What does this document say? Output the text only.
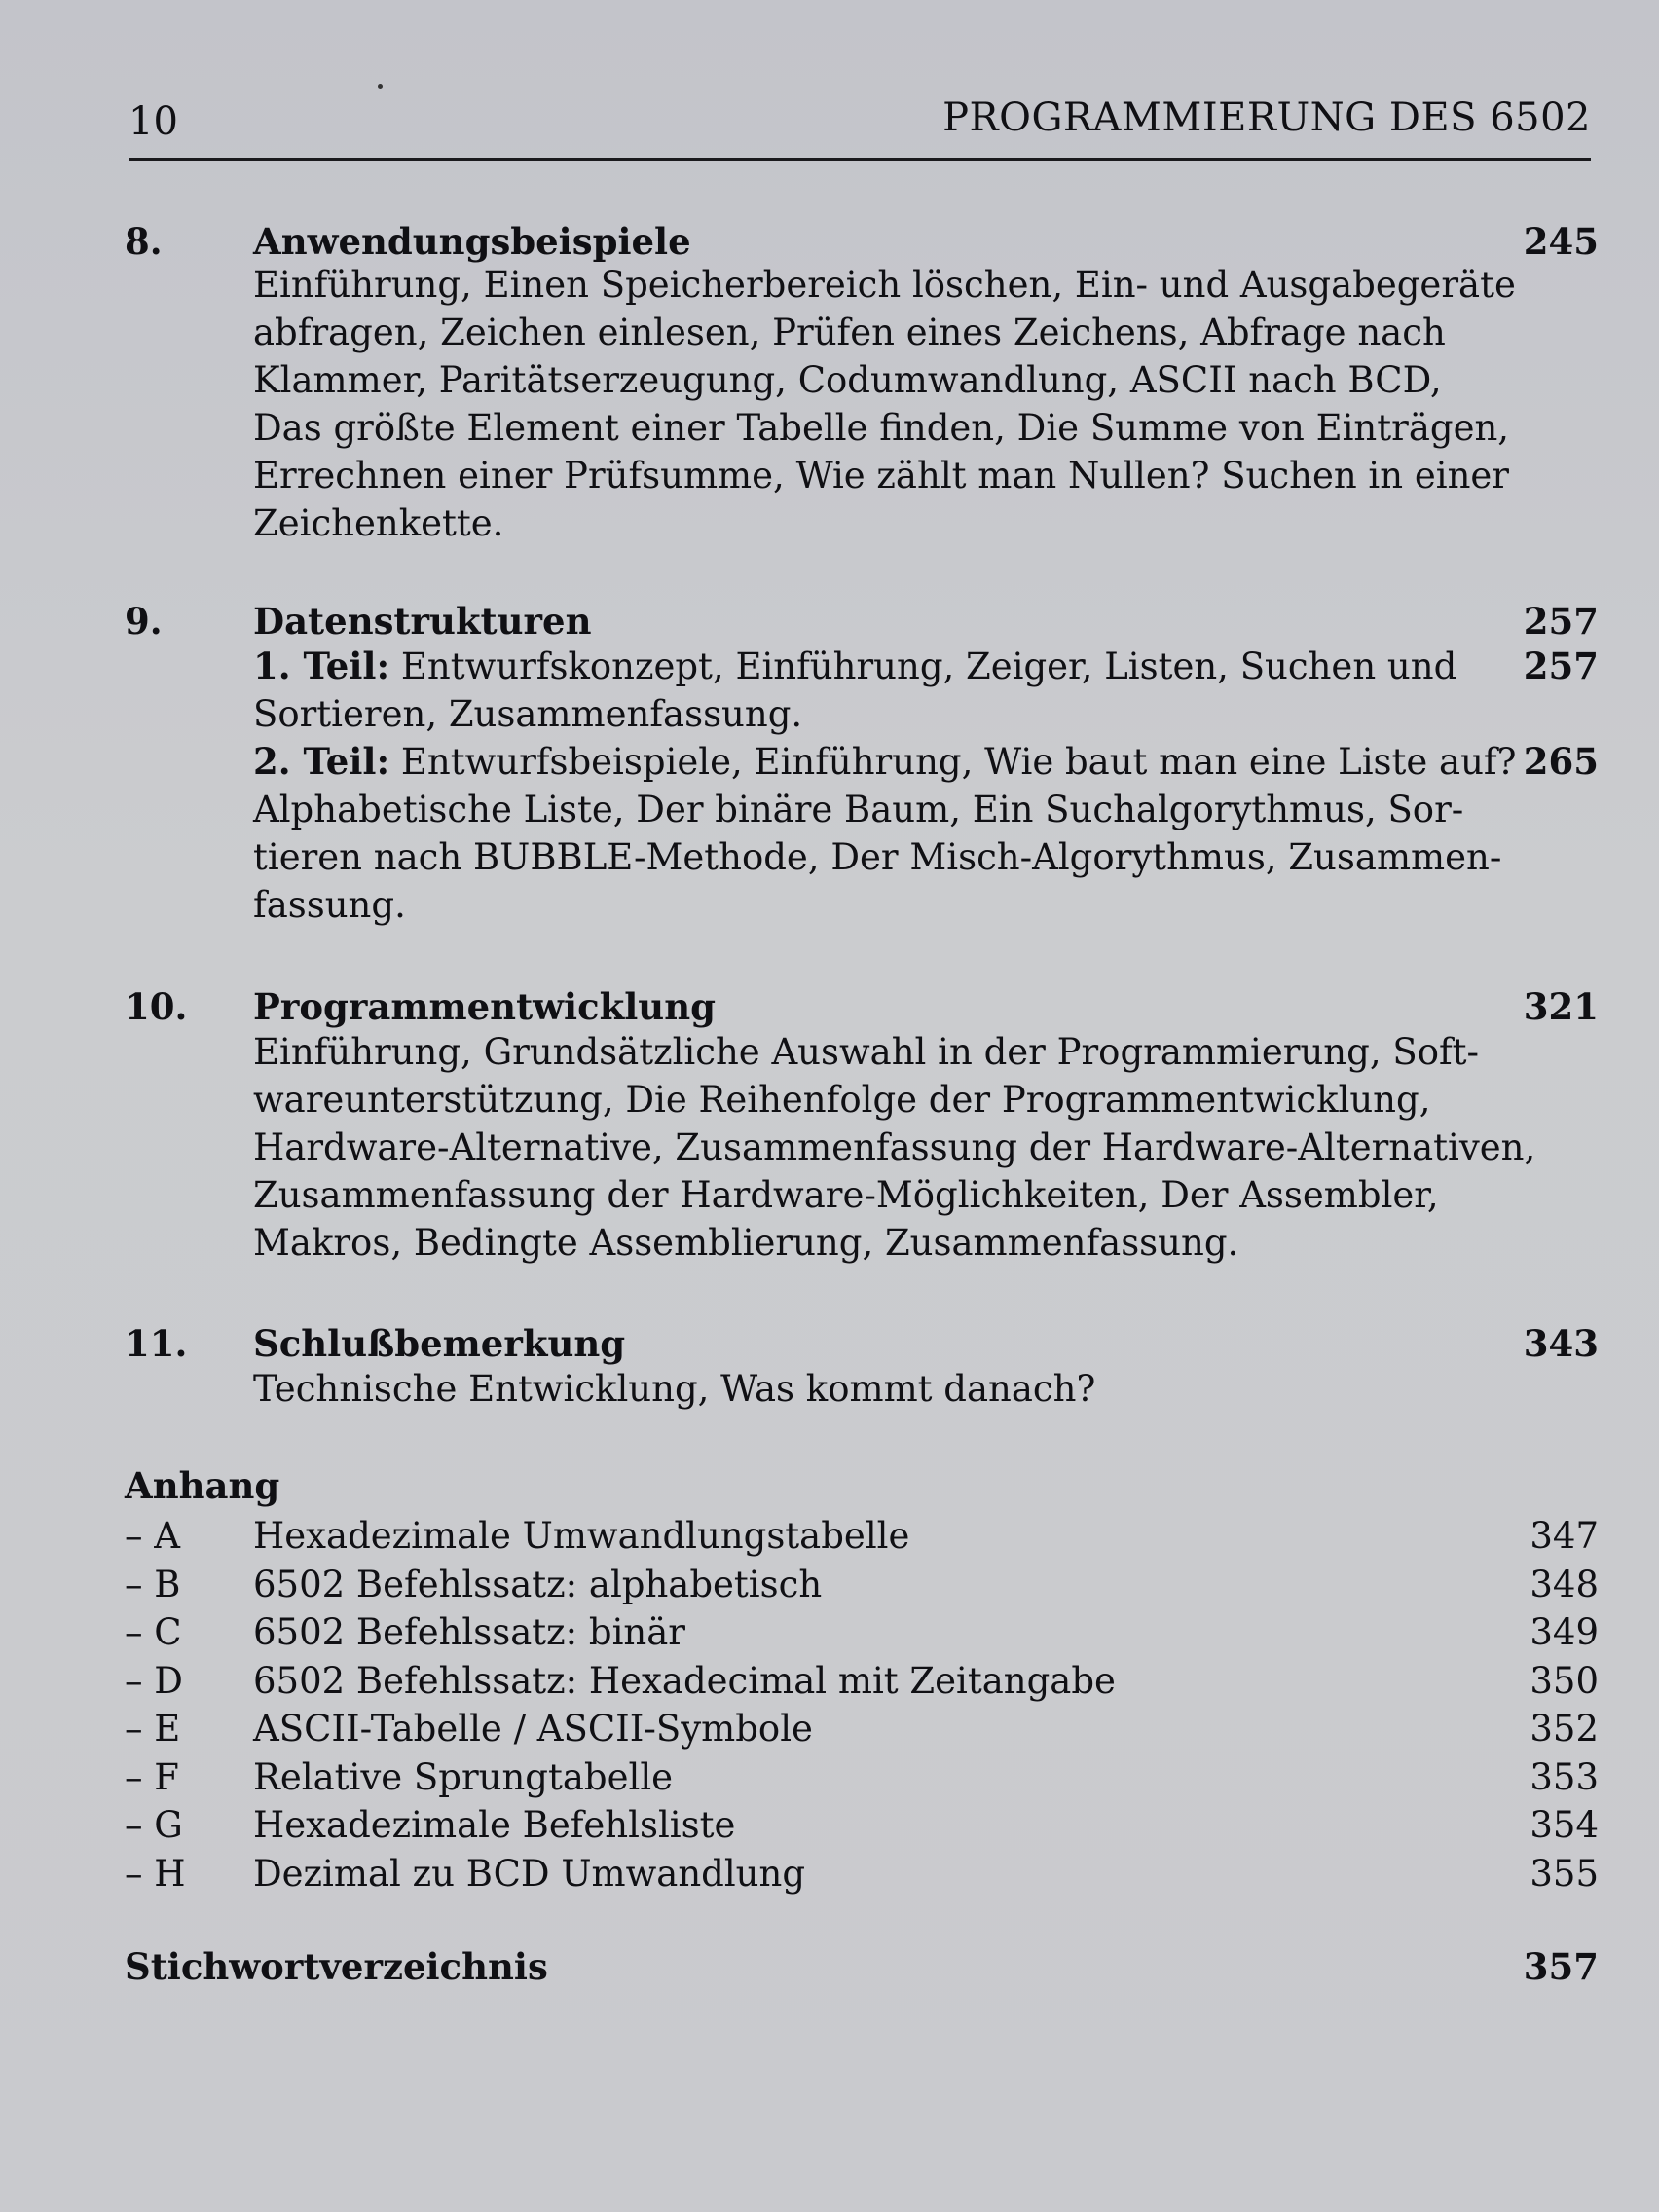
10	PROGRAMMIERUNG DES 6502
8.	Anwendungsbeispiele	245
Einführung, Einen Speicherbereich löschen, Ein- und Ausgabegeräte
abfragen, Zeichen einlesen, Prüfen eines Zeichens, Abfrage nach
Klammer, Paritätserzeugung, Codumwandlung, ASCII nach BCD,
Das größte Element einer Tabelle finden, Die Summe von Einträgen,
Errechnen einer Prüfsumme, Wie zählt man Nullen? Suchen in einer
Zeichenkette.
9.	Datenstrukturen	257
1. Teil: Entwurfskonzept, Einführung, Zeiger, Listen, Suchen und 257
Sortieren, Zusammenfassung.
2. Teil: Entwurfsbeispiele, Einführung, Wie baut man eine Liste auf? 265
Alphabetische Liste, Der binäre Baum, Ein Suchalgorythmus, Sor-
tieren nach BUBBLE-Methode, Der Misch-Algorythmus, Zusammen-
fassung.
10. Programmentwicklung	321
Einführung, Grundsätzliche Auswahl in der Programmierung, Soft-
wareunterstützung, Die Reihenfolge der Programmentwicklung,
Hardware-Alternative, Zusammenfassung der Hardware-Alternativen,
Zusammenfassung der Hardware-Möglichkeiten, Der Assembler,
Makros, Bedingte Assemblierung, Zusammenfassung.
11. Schlußbemerkung	343
Technische Entwicklung, Was kommt danach?
Anhang
– A Hexadezimale Umwandlungstabelle	347
– B 6502 Befehlssatz: alphabetisch	348
– C 6502 Befehlssatz: binär	349
– D 6502 Befehlssatz: Hexadecimal mit Zeitangabe	350
– E ASCII-Tabelle / ASCII-Symbole	352
– F Relative Sprungtabelle	353
– G Hexadezimale Befehlsliste	354
– H Dezimal zu BCD Umwandlung	355
Stichwortverzeichnis	357
